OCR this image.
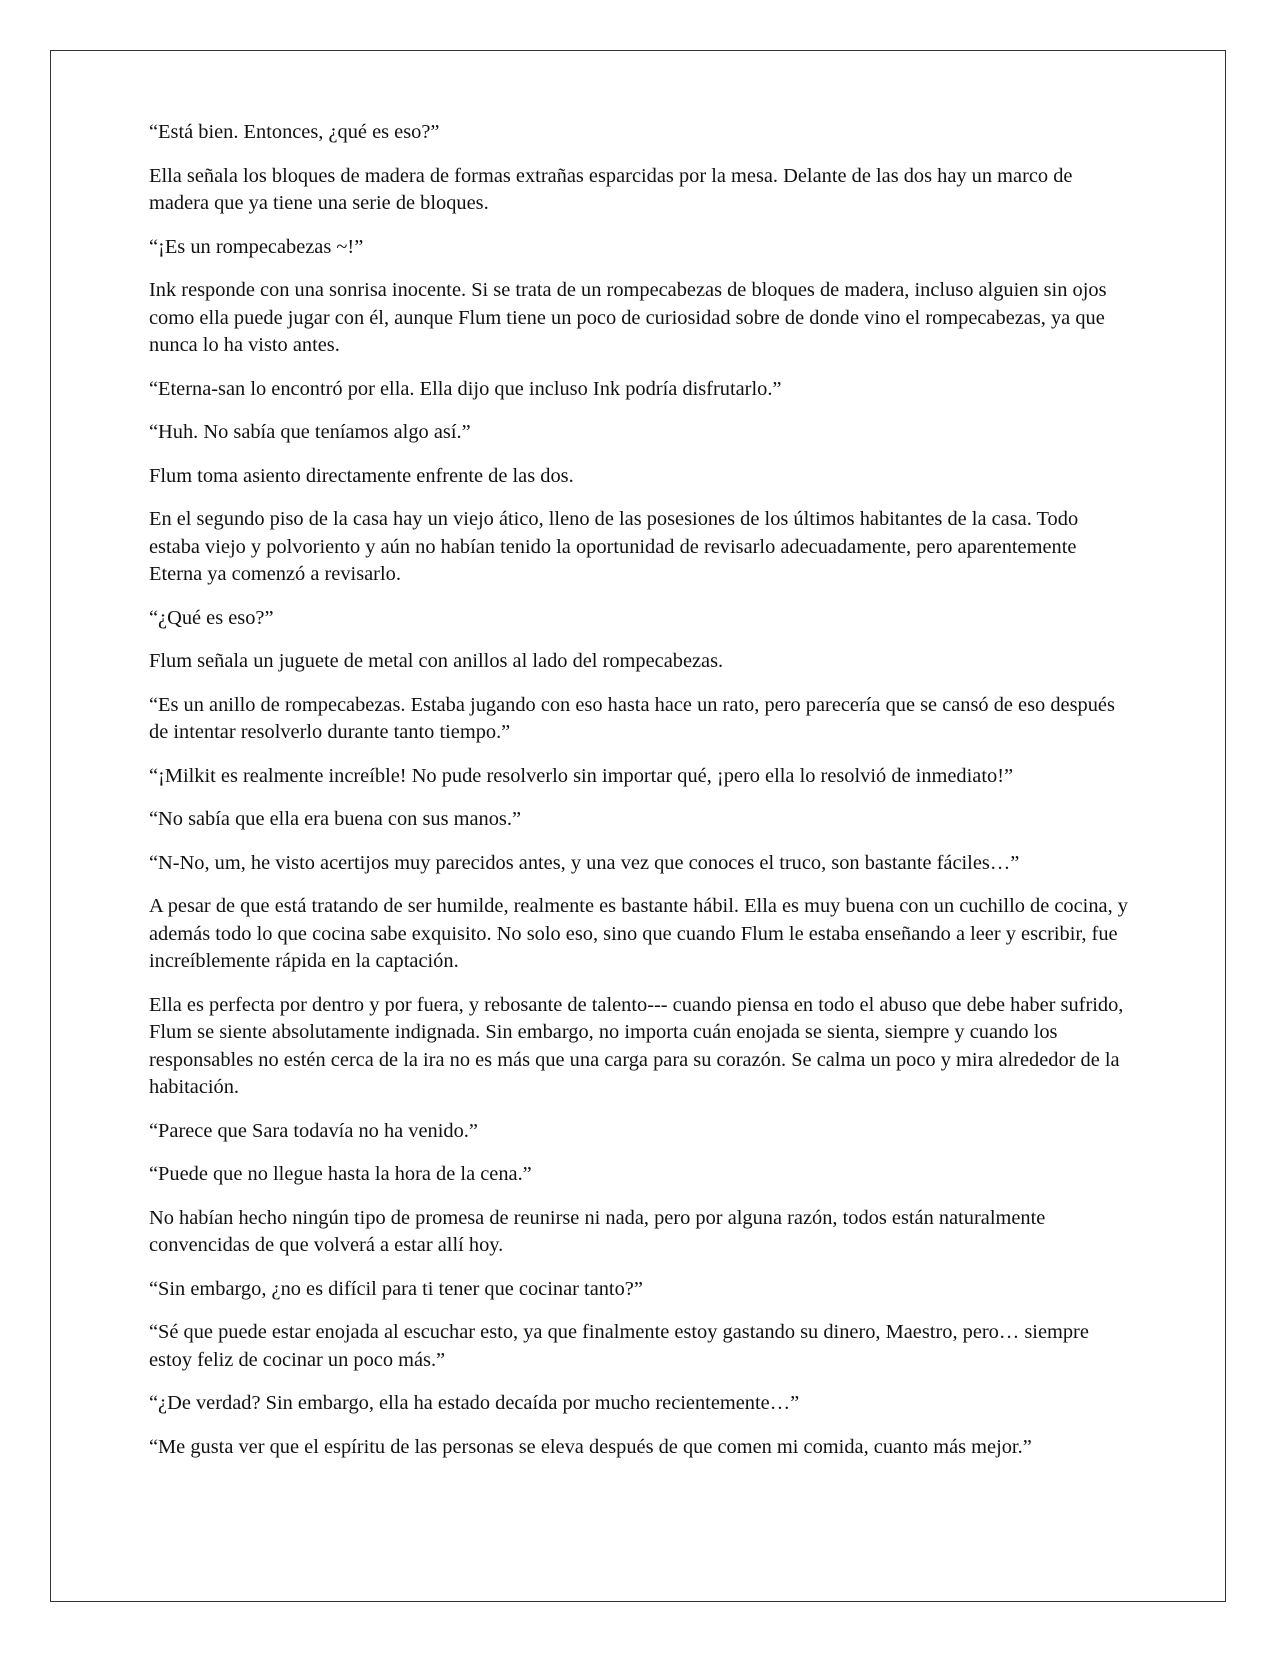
“Está bien. Entonces, ¿qué es eso?”

Ella señala los bloques de madera de formas extrañas esparcidas por la mesa. Delante de las dos hay un marco de madera que ya tiene una serie de bloques.

“¡Es un rompecabezas ~!”

Ink responde con una sonrisa inocente. Si se trata de un rompecabezas de bloques de madera, incluso alguien sin ojos como ella puede jugar con él, aunque Flum tiene un poco de curiosidad sobre de donde vino el rompecabezas, ya que nunca lo ha visto antes.

“Eterna-san lo encontró por ella. Ella dijo que incluso Ink podría disfrutarlo.”

“Huh. No sabía que teníamos algo así.”

Flum toma asiento directamente enfrente de las dos.

En el segundo piso de la casa hay un viejo ático, lleno de las posesiones de los últimos habitantes de la casa. Todo estaba viejo y polvoriento y aún no habían tenido la oportunidad de revisarlo adecuadamente, pero aparentemente Eterna ya comenzó a revisarlo.

“¿Qué es eso?”

Flum señala un juguete de metal con anillos al lado del rompecabezas.

“Es un anillo de rompecabezas. Estaba jugando con eso hasta hace un rato, pero parecería que se cansó de eso después de intentar resolverlo durante tanto tiempo.”

“¡Milkit es realmente increíble! No pude resolverlo sin importar qué, ¡pero ella lo resolvió de inmediato!”

“No sabía que ella era buena con sus manos.”

“N-No, um, he visto acertijos muy parecidos antes, y una vez que conoces el truco, son bastante fáciles…”

A pesar de que está tratando de ser humilde, realmente es bastante hábil. Ella es muy buena con un cuchillo de cocina, y además todo lo que cocina sabe exquisito. No solo eso, sino que cuando Flum le estaba enseñando a leer y escribir, fue increíblemente rápida en la captación.

Ella es perfecta por dentro y por fuera, y rebosante de talento--- cuando piensa en todo el abuso que debe haber sufrido, Flum se siente absolutamente indignada. Sin embargo, no importa cuán enojada se sienta, siempre y cuando los responsables no estén cerca de la ira no es más que una carga para su corazón. Se calma un poco y mira alrededor de la habitación.

“Parece que Sara todavía no ha venido.”

“Puede que no llegue hasta la hora de la cena.”

No habían hecho ningún tipo de promesa de reunirse ni nada, pero por alguna razón, todos están naturalmente convencidas de que volverá a estar allí hoy.

“Sin embargo, ¿no es difícil para ti tener que cocinar tanto?”

“Sé que puede estar enojada al escuchar esto, ya que finalmente estoy gastando su dinero, Maestro, pero… siempre estoy feliz de cocinar un poco más.”

“¿De verdad? Sin embargo, ella ha estado decaída por mucho recientemente…”

“Me gusta ver que el espíritu de las personas se eleva después de que comen mi comida, cuanto más mejor.”
